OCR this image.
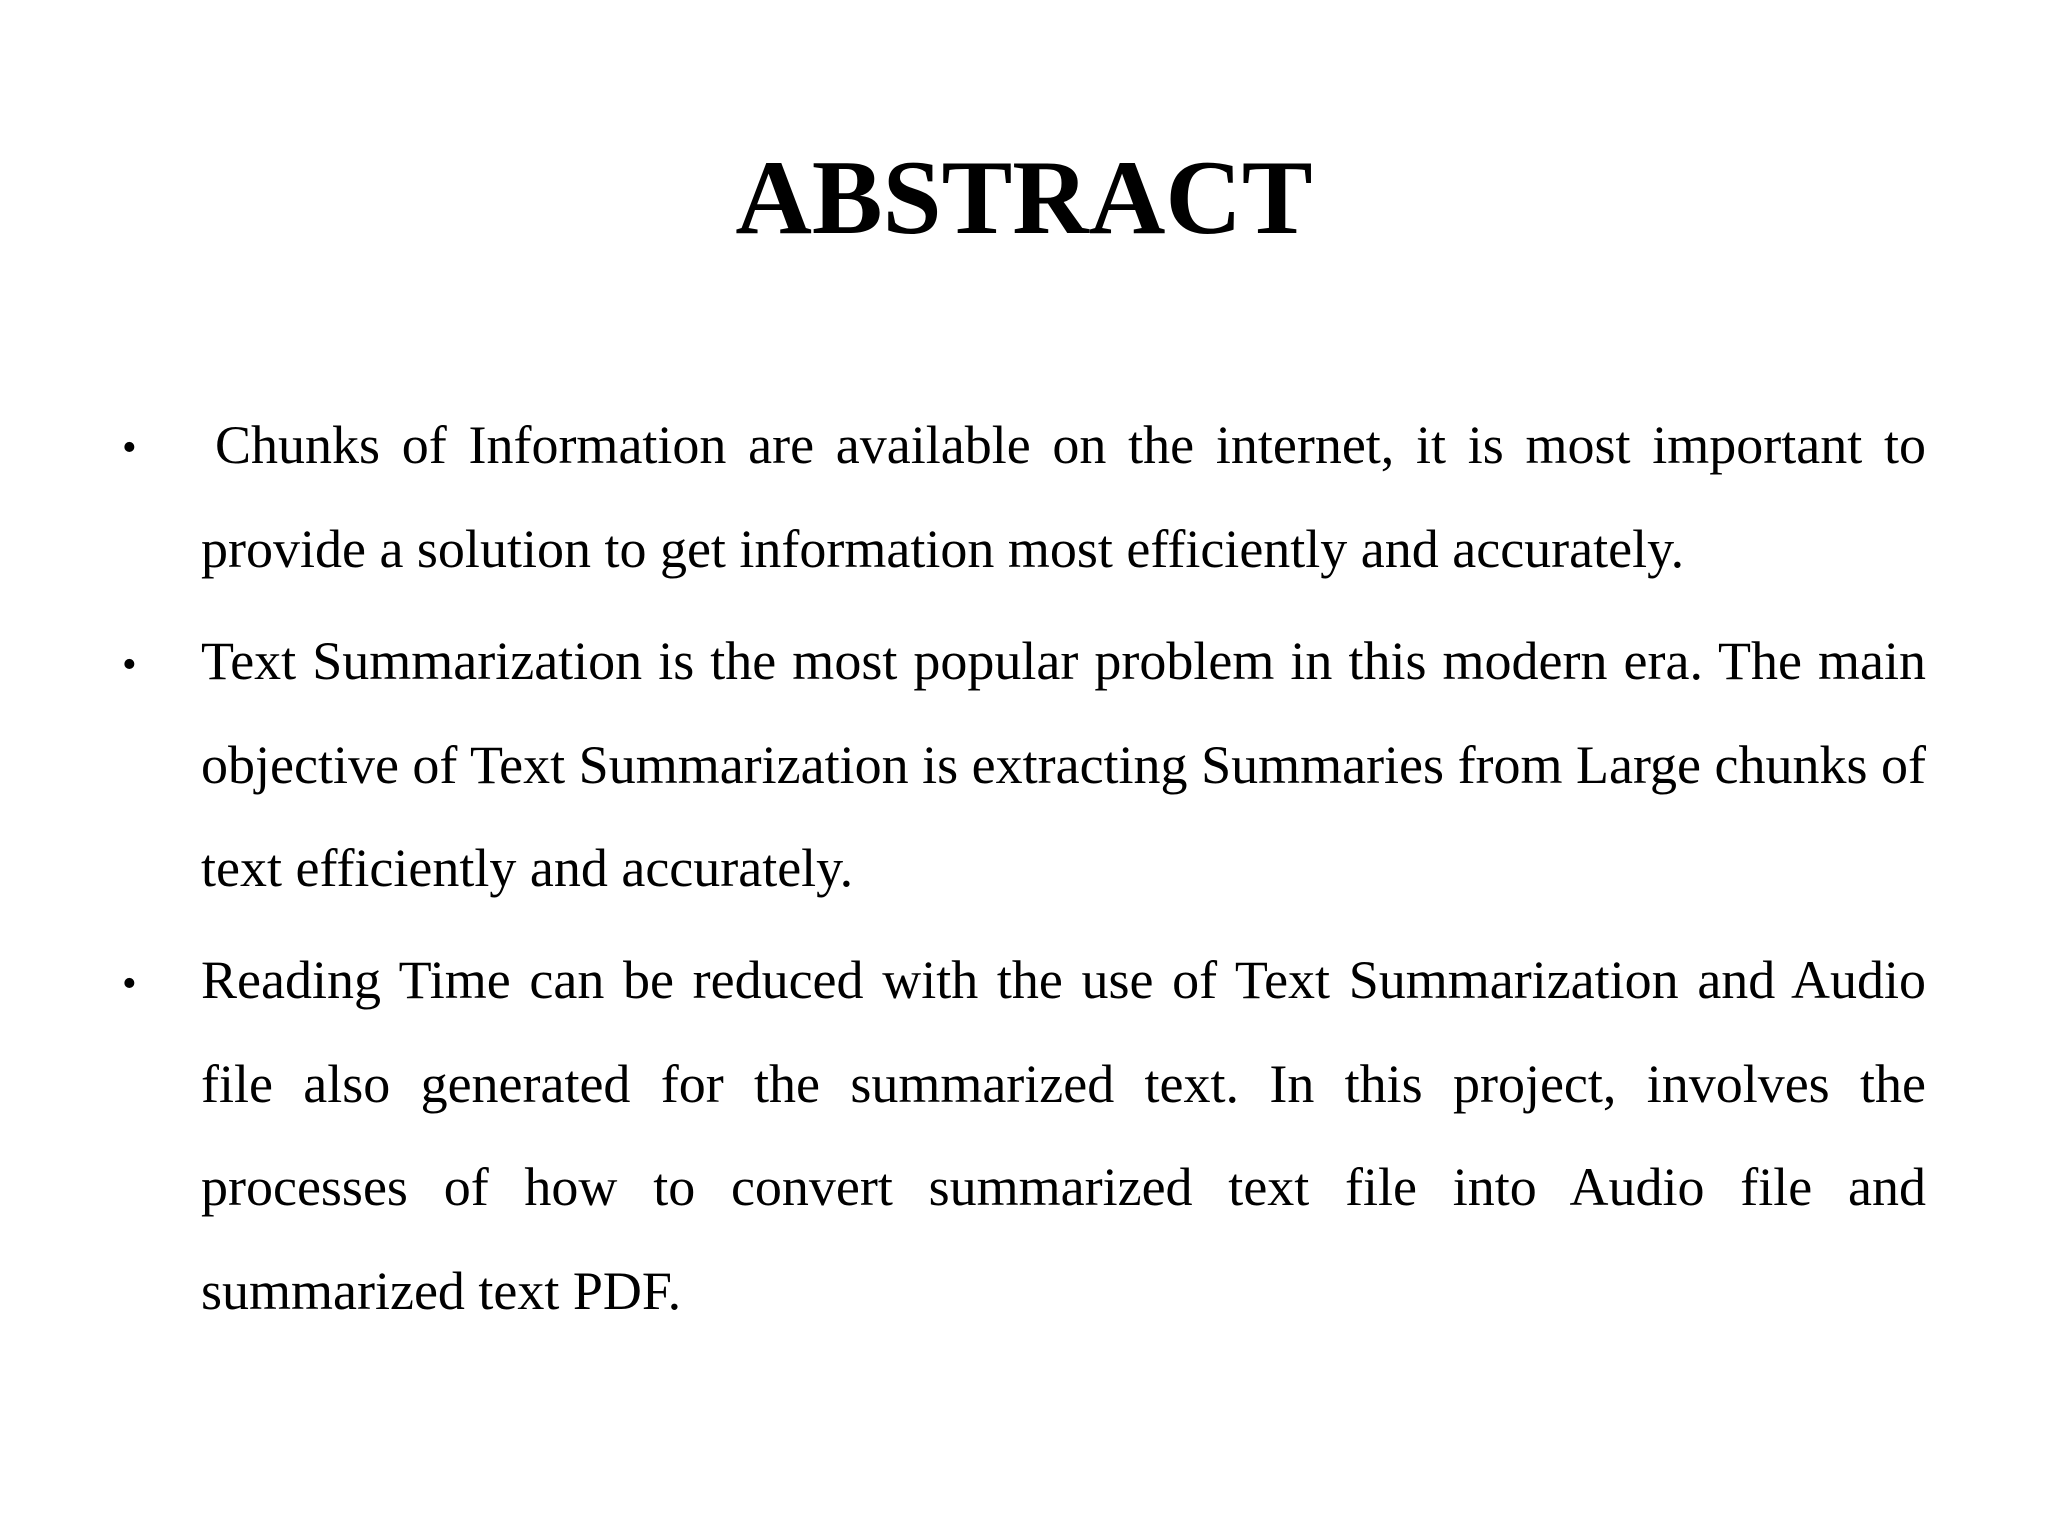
ABSTRACT
• Chunks of Information are available on the internet, it is most important to provide a solution to get information most efficiently and accurately.
• Text Summarization is the most popular problem in this modern era. The main objective of Text Summarization is extracting Summaries from Large chunks of text efficiently and accurately.
• Reading Time can be reduced with the use of Text Summarization and Audio file also generated for the summarized text. In this project, involves the processes of how to convert summarized text file into Audio file and summarized text PDF.
